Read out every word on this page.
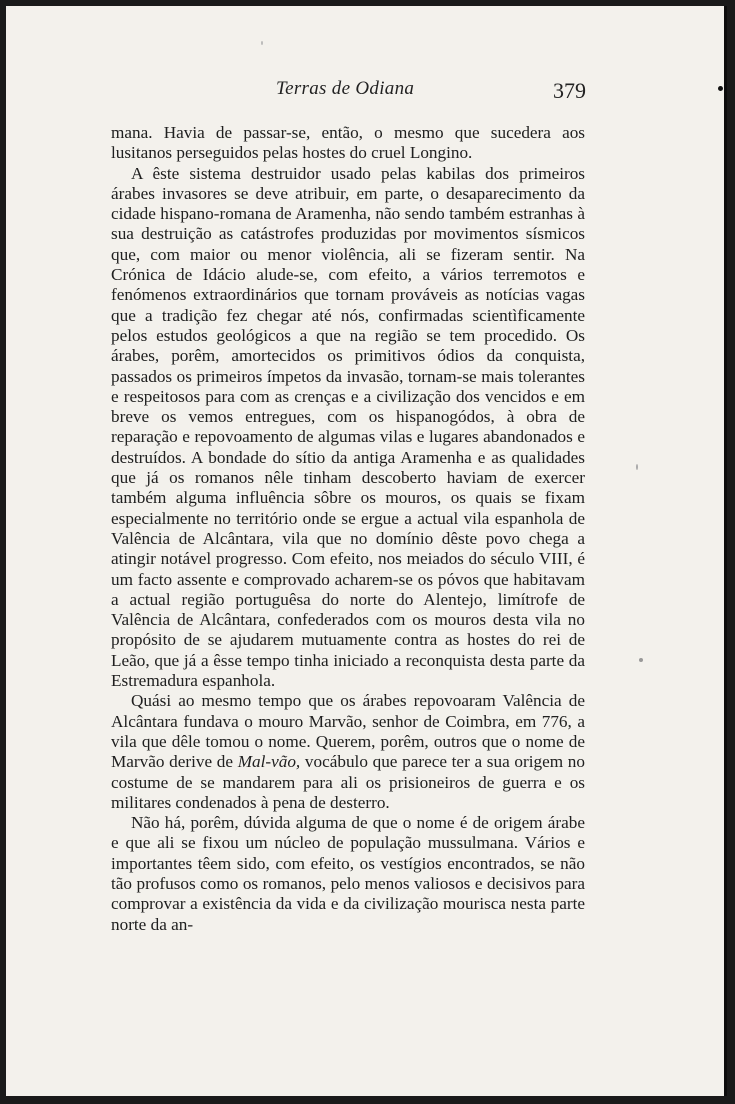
Terras de Odiana	379

mana. Havia de passar-se, então, o mesmo que sucedera aos lusitanos perseguidos pelas hostes do cruel Longino.

A êste sistema destruidor usado pelas kabilas dos primeiros árabes invasores se deve atribuir, em parte, o desaparecimento da cidade hispano-romana de Aramenha, não sendo também estranhas à sua destruição as catástrofes produzidas por movimentos sísmicos que, com maior ou menor violência, ali se fizeram sentir. Na Crónica de Idácio alude-se, com efeito, a vários terremotos e fenómenos extraordinários que tornam prováveis as notícias vagas que a tradição fez chegar até nós, confirmadas scientìficamente pelos estudos geológicos a que na região se tem procedido. Os árabes, porêm, amortecidos os primitivos ódios da conquista, passados os primeiros ímpetos da invasão, tornam-se mais tolerantes e respeitosos para com as crenças e a civilização dos vencidos e em breve os vemos entregues, com os hispanogódos, à obra de reparação e repovoamento de algumas vilas e lugares abandonados e destruídos. A bondade do sítio da antiga Aramenha e as qualidades que já os romanos nêle tinham descoberto haviam de exercer também alguma influência sôbre os mouros, os quais se fixam especialmente no território onde se ergue a actual vila espanhola de Valência de Alcântara, vila que no domínio dêste povo chega a atingir notável progresso. Com efeito, nos meiados do século VIII, é um facto assente e comprovado acharem-se os póvos que habitavam a actual região portuguêsa do norte do Alentejo, limítrofe de Valência de Alcântara, confederados com os mouros desta vila no propósito de se ajudarem mutuamente contra as hostes do rei de Leão, que já a êsse tempo tinha iniciado a reconquista desta parte da Estremadura espanhola.

Quási ao mesmo tempo que os árabes repovoaram Valência de Alcântara fundava o mouro Marvão, senhor de Coimbra, em 776, a vila que dêle tomou o nome. Querem, porêm, outros que o nome de Marvão derive de Mal-vão, vocábulo que parece ter a sua origem no costume de se mandarem para ali os prisioneiros de guerra e os militares condenados à pena de desterro.

Não há, porêm, dúvida alguma de que o nome é de origem árabe e que ali se fixou um núcleo de população mussulmana. Vários e importantes têem sido, com efeito, os vestígios encontrados, se não tão profusos como os romanos, pelo menos valiosos e decisivos para comprovar a existência da vida e da civilização mourisca nesta parte norte da an-
